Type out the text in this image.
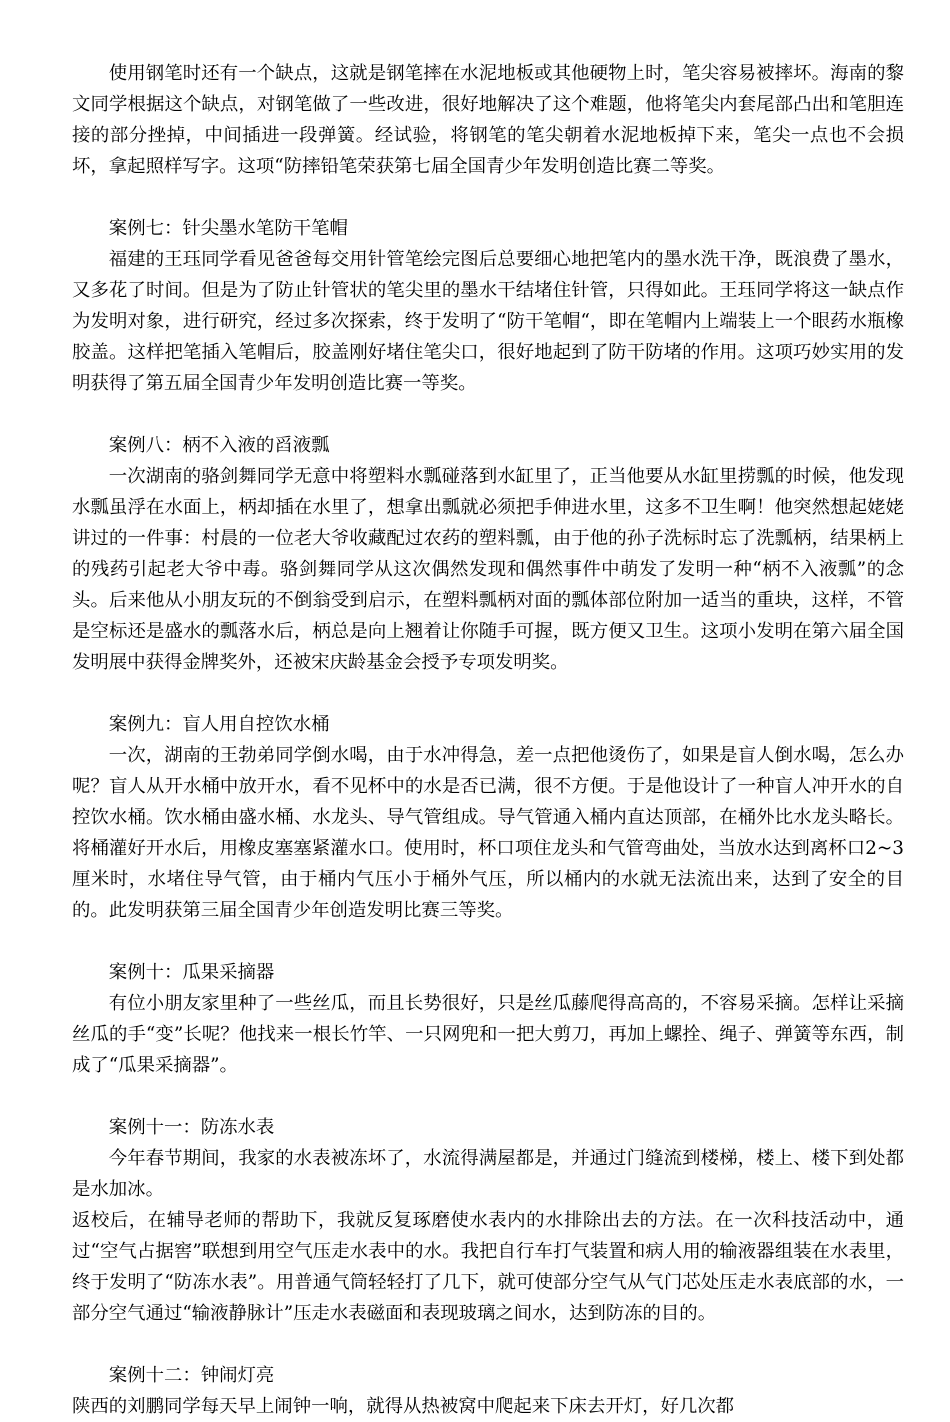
使用钢笔时还有一个缺点，这就是钢笔摔在水泥地板或其他硬物上时，笔尖容易被摔坏。海南的黎文同学根据这个缺点，对钢笔做了一些改进，很好地解决了这个难题，他将笔尖内套尾部凸出和笔胆连接的部分挫掉，中间插进一段弹簧。经试验，将钢笔的笔尖朝着水泥地板掉下来，笔尖一点也不会损坏，拿起照样写字。这项“防摔铅笔荣获第七届全国青少年发明创造比赛二等奖。

案例七：针尖墨水笔防干笔帽

福建的王珏同学看见爸爸每交用针管笔绘完图后总要细心地把笔内的墨水洗干净，既浪费了墨水，又多花了时间。但是为了防止针管状的笔尖里的墨水干结堵住针管，只得如此。王珏同学将这一缺点作为发明对象，进行研究，经过多次探索，终于发明了“防干笔帽“，即在笔帽内上端装上一个眼药水瓶橡胶盖。这样把笔插入笔帽后，胶盖刚好堵住笔尖口，很好地起到了防干防堵的作用。这项巧妙实用的发明获得了第五届全国青少年发明创造比赛一等奖。

案例八：柄不入液的舀液瓢

一次湖南的骆剑舞同学无意中将塑料水瓢碰落到水缸里了，正当他要从水缸里捞瓢的时候，他发现水瓢虽浮在水面上，柄却插在水里了，想拿出瓢就必须把手伸进水里，这多不卫生啊！他突然想起姥姥讲过的一件事：村晨的一位老大爷收藏配过农药的塑料瓢，由于他的孙子洗标时忘了洗瓢柄，结果柄上的残药引起老大爷中毒。骆剑舞同学从这次偶然发现和偶然事件中萌发了发明一种“柄不入液瓢”的念头。后来他从小朋友玩的不倒翁受到启示，在塑料瓢柄对面的瓢体部位附加一适当的重块，这样，不管是空标还是盛水的瓢落水后，柄总是向上翘着让你随手可握，既方便又卫生。这项小发明在第六届全国发明展中获得金牌奖外，还被宋庆龄基金会授予专项发明奖。

案例九：盲人用自控饮水桶

一次，湖南的王勃弟同学倒水喝，由于水冲得急，差一点把他烫伤了，如果是盲人倒水喝，怎么办呢？盲人从开水桶中放开水，看不见杯中的水是否已满，很不方便。于是他设计了一种盲人冲开水的自控饮水桶。饮水桶由盛水桶、水龙头、导气管组成。导气管通入桶内直达顶部，在桶外比水龙头略长。将桶灌好开水后，用橡皮塞塞紧灌水口。使用时，杯口项住龙头和气管弯曲处，当放水达到离杯口2~3厘米时，水堵住导气管，由于桶内气压小于桶外气压，所以桶内的水就无法流出来，达到了安全的目的。此发明获第三届全国青少年创造发明比赛三等奖。

案例十：瓜果采摘器

有位小朋友家里种了一些丝瓜，而且长势很好，只是丝瓜藤爬得高高的，不容易采摘。怎样让采摘丝瓜的手“变”长呢？他找来一根长竹竿、一只网兜和一把大剪刀，再加上螺拴、绳子、弹簧等东西，制成了“瓜果采摘器”。

案例十一：防冻水表

今年春节期间，我家的水表被冻坏了，水流得满屋都是，并通过门缝流到楼梯，楼上、楼下到处都是水加冰。

返校后，在辅导老师的帮助下，我就反复琢磨使水表内的水排除出去的方法。在一次科技活动中，通过“空气占据窖”联想到用空气压走水表中的水。我把自行车打气装置和病人用的输液器组装在水表里，终于发明了“防冻水表”。用普通气筒轻轻打了几下，就可使部分空气从气门芯处压走水表底部的水，一部分空气通过“输液静脉计”压走水表磁面和表现玻璃之间水，达到防冻的目的。

案例十二：钟闹灯亮

陕西的刘鹏同学每天早上闹钟一响，就得从热被窝中爬起来下床去开灯，好几次都
